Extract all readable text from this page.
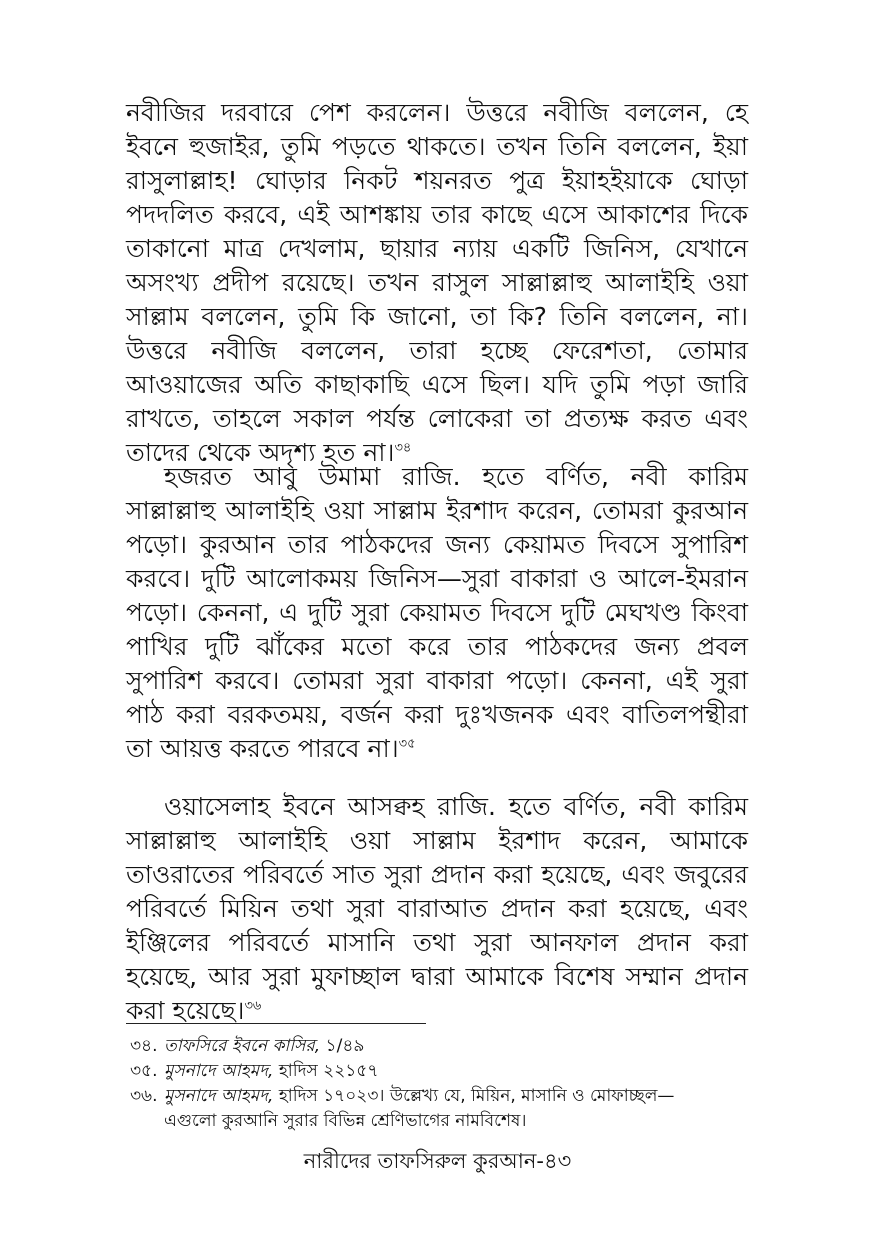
নবীজির দরবারে পেশ করলেন। উত্তরে নবীজি বললেন, হে ইবনে হুজাইর, তুমি পড়তে থাকতে। তখন তিনি বললেন, ইয়া রাসুলাল্লাহ! ঘোড়ার নিকট শয়নরত পুত্র ইয়াহইয়াকে ঘোড়া পদদলিত করবে, এই আশঙ্কায় তার কাছে এসে আকাশের দিকে তাকানো মাত্র দেখলাম, ছায়ার ন্যায় একটি জিনিস, যেখানে অসংখ্য প্রদীপ রয়েছে। তখন রাসুল সাল্লাল্লাহু আলাইহি ওয়া সাল্লাম বললেন, তুমি কি জানো, তা কি? তিনি বললেন, না। উত্তরে নবীজি বললেন, তারা হচ্ছে ফেরেশতা, তোমার আওয়াজের অতি কাছাকাছি এসে ছিল। যদি তুমি পড়া জারি রাখতে, তাহলে সকাল পর্যন্ত লোকেরা তা প্রত্যক্ষ করত এবং তাদের থেকে অদৃশ্য হত না।$^{৩৪}$

হজরত আবু উমামা রাজি. হতে বর্ণিত, নবী কারিম সাল্লাল্লাহু আলাইহি ওয়া সাল্লাম ইরশাদ করেন, তোমরা কুরআন পড়ো। কুরআন তার পাঠকদের জন্য কেয়ামত দিবসে সুপারিশ করবে। দুটি আলোকময় জিনিস—সুরা বাকারা ও আলে-ইমরান পড়ো। কেননা, এ দুটি সুরা কেয়ামত দিবসে দুটি মেঘখণ্ড কিংবা পাখির দুটি ঝাঁকের মতো করে তার পাঠকদের জন্য প্রবল সুপারিশ করবে। তোমরা সুরা বাকারা পড়ো। কেননা, এই সুরা পাঠ করা বরকতময়, বর্জন করা দুঃখজনক এবং বাতিলপন্থীরা তা আয়ত্ত করতে পারবে না।$^{৩৫}$

ওয়াসেলাহ ইবনে আসক্বহ রাজি. হতে বর্ণিত, নবী কারিম সাল্লাল্লাহু আলাইহি ওয়া সাল্লাম ইরশাদ করেন, আমাকে তাওরাতের পরিবর্তে সাত সুরা প্রদান করা হয়েছে, এবং জবুরের পরিবর্তে মিয়িন তথা সুরা বারাআত প্রদান করা হয়েছে, এবং ইঞ্জিলের পরিবর্তে মাসানি তথা সুরা আনফাল প্রদান করা হয়েছে, আর সুরা মুফাচ্ছাল দ্বারা আমাকে বিশেষ সম্মান প্রদান করা হয়েছে।$^{৩৬}$

৩৪. তাফসিরে ইবনে কাসির, ১/৪৯

৩৫. মুসনাদে আহমদ, হাদিস ২২১৫৭

৩৬. মুসনাদে আহমদ, হাদিস ১৭০২৩। উল্লেখ্য যে, মিয়িন, মাসানি ও মোফাচ্ছল—

এগুলো কুরআনি সুরার বিভিন্ন শ্রেণিভাগের নামবিশেষ।

নারীদের তাফসিরুল কুরআন-৪৩
